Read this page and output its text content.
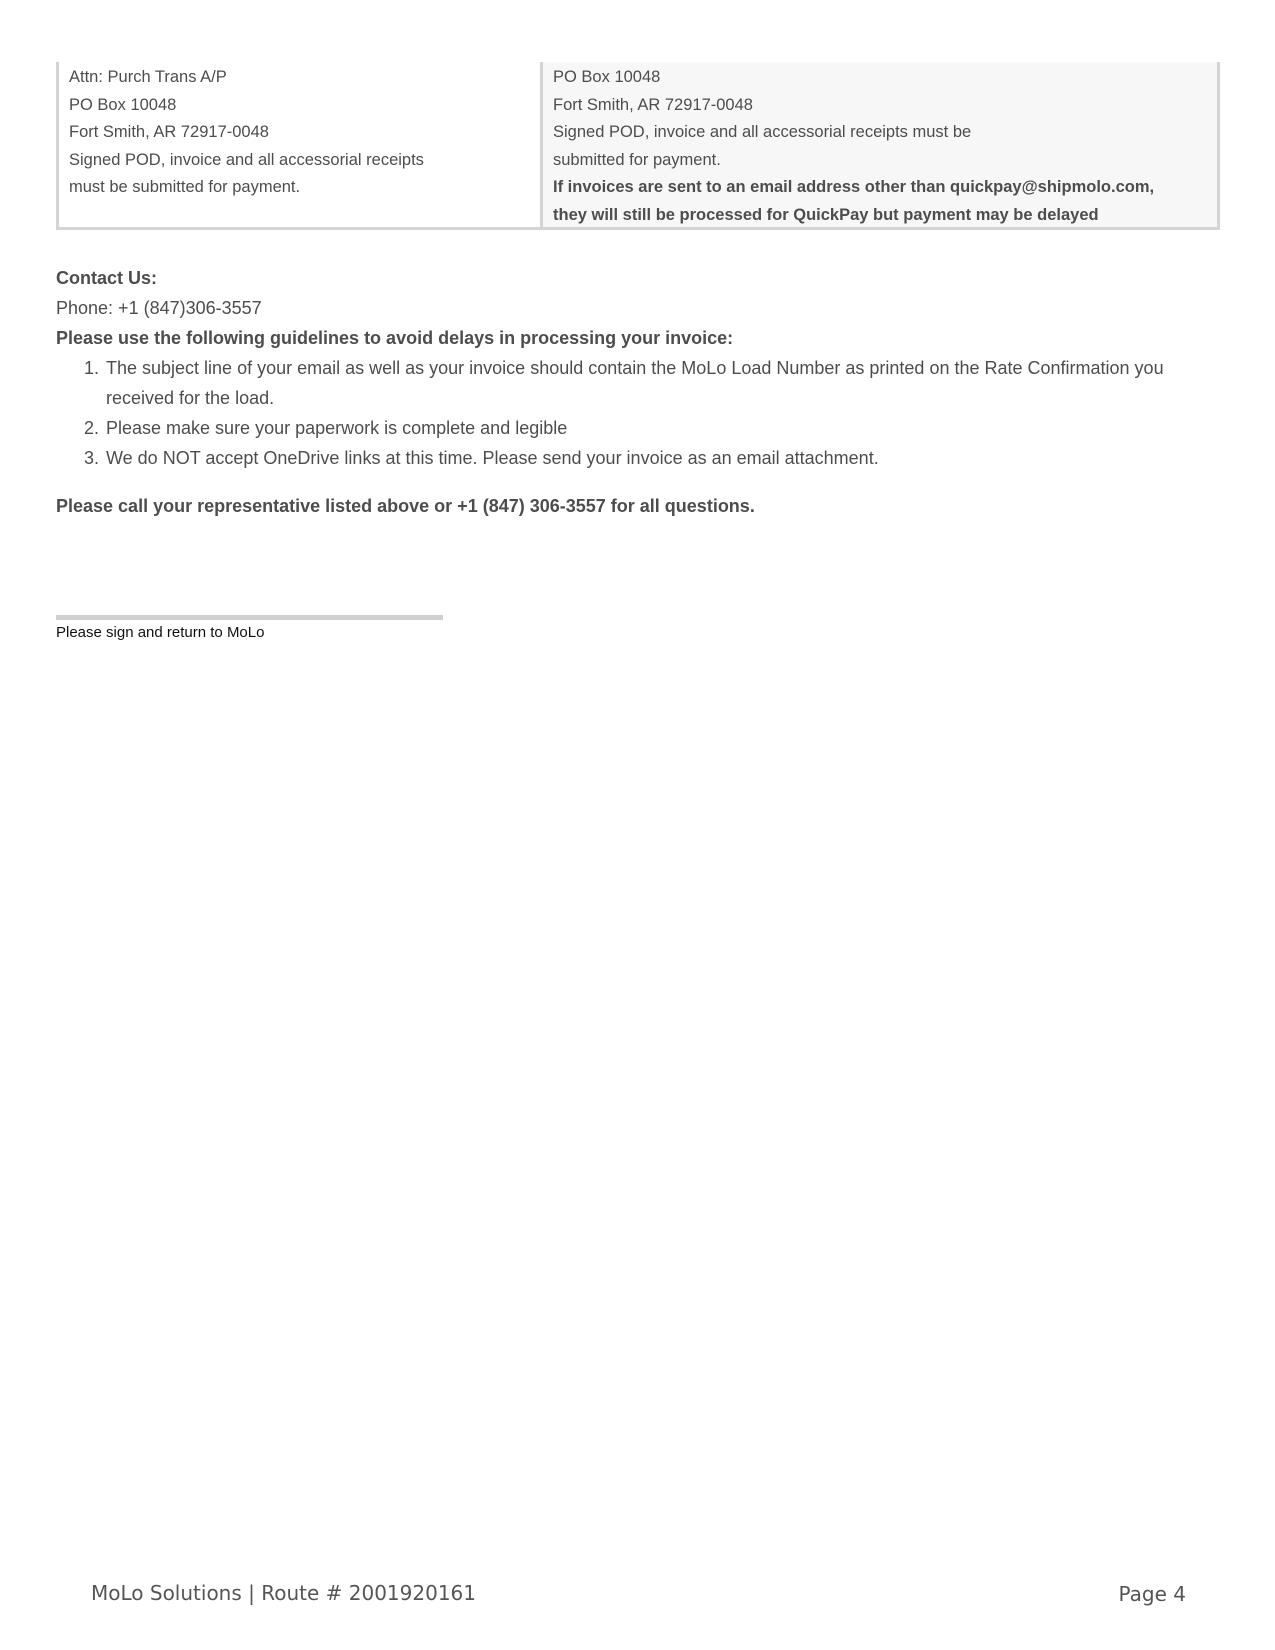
Attn: Purch Trans A/P
PO Box 10048
Fort Smith, AR 72917-0048
Signed POD, invoice and all accessorial receipts
must be submitted for payment.
PO Box 10048
Fort Smith, AR 72917-0048
Signed POD, invoice and all accessorial receipts must be
submitted for payment.
If invoices are sent to an email address other than quickpay@shipmolo.com,
they will still be processed for QuickPay but payment may be delayed
Contact Us:
Phone: +1 (847)306-3557
Please use the following guidelines to avoid delays in processing your invoice:
1. The subject line of your email as well as your invoice should contain the MoLo Load Number as printed on the Rate Confirmation you received for the load.
2. Please make sure your paperwork is complete and legible
3. We do NOT accept OneDrive links at this time. Please send your invoice as an email attachment.
Please call your representative listed above or +1 (847) 306-3557 for all questions.
Please sign and return to MoLo
MoLo Solutions | Route # 2001920161	Page 4
